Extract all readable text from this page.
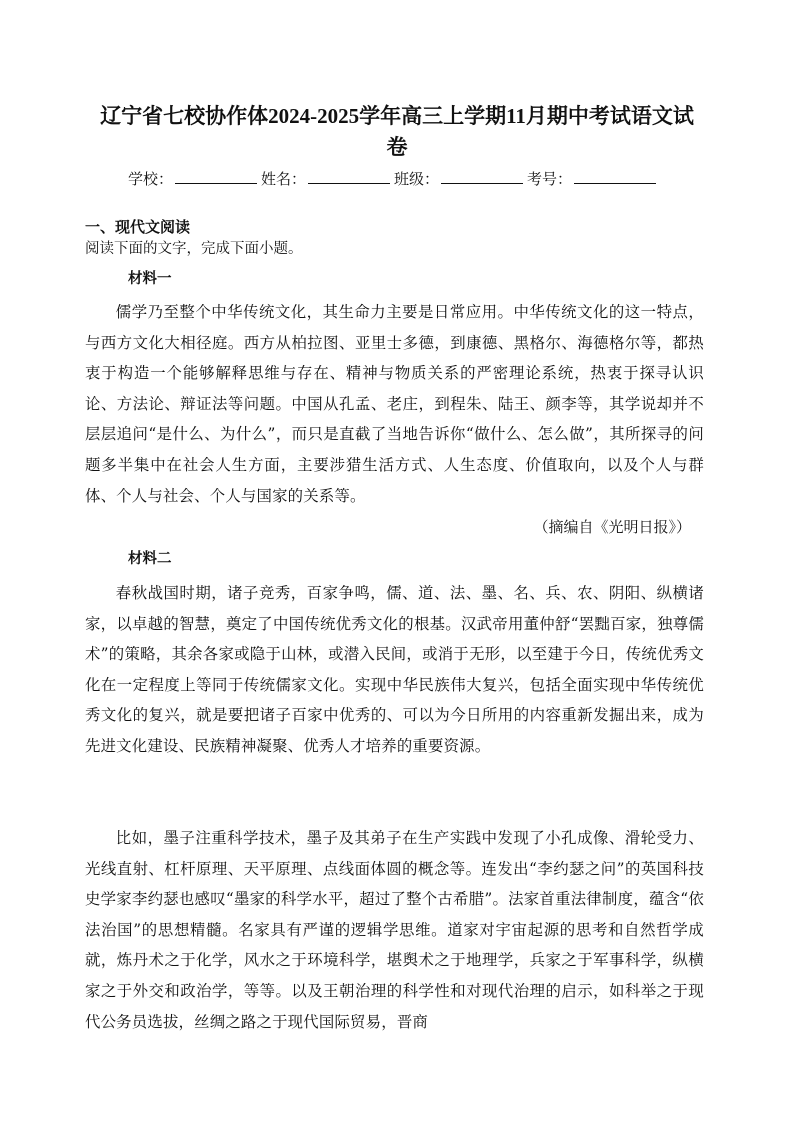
辽宁省七校协作体2024-2025学年高三上学期11月期中考试语文试
卷
学校：	姓名：	班级：	考号：
一、现代文阅读
阅读下面的文字，完成下面小题。
材料一

儒学乃至整个中华传统文化，其生命力主要是日常应用。中华传统文化的这一特点，与西方文化大相径庭。西方从柏拉图、亚里士多德，到康德、黑格尔、海德格尔等，都热衷于构造一个能够解释思维与存在、精神与物质关系的严密理论系统，热衷于探寻认识论、方法论、辩证法等问题。中国从孔孟、老庄，到程朱、陆王、颜李等，其学说却并不层层追问“是什么、为什么”，而只是直截了当地告诉你“做什么、怎么做”，其所探寻的问题多半集中在社会人生方面，主要涉猎生活方式、人生态度、价值取向，以及个人与群体、个人与社会、个人与国家的关系等。

（摘编自《光明日报》）
材料二

春秋战国时期，诸子竞秀，百家争鸣，儒、道、法、墨、名、兵、农、阴阳、纵横诸家，以卓越的智慧，奠定了中国传统优秀文化的根基。汉武帝用董仲舒“罢黜百家，独尊儒术”的策略，其余各家或隐于山林，或潜入民间，或消于无形，以至建于今日，传统优秀文化在一定程度上等同于传统儒家文化。实现中华民族伟大复兴，包括全面实现中华传统优秀文化的复兴，就是要把诸子百家中优秀的、可以为今日所用的内容重新发掘出来，成为先进文化建设、民族精神凝聚、优秀人才培养的重要资源。

比如，墨子注重科学技术，墨子及其弟子在生产实践中发现了小孔成像、滑轮受力、光线直射、杠杆原理、天平原理、点线面体圆的概念等。连发出“李约瑟之问”的英国科技史学家李约瑟也感叹“墨家的科学水平，超过了整个古希腊”。法家首重法律制度，蕴含“依法治国”的思想精髓。名家具有严谨的逻辑学思维。道家对宇宙起源的思考和自然哲学成就，炼丹术之于化学，风水之于环境科学，堪舆术之于地理学，兵家之于军事科学，纵横家之于外交和政治学，等等。以及王朝治理的科学性和对现代治理的启示，如科举之于现代公务员选拔，丝绸之路之于现代国际贸易，晋商
